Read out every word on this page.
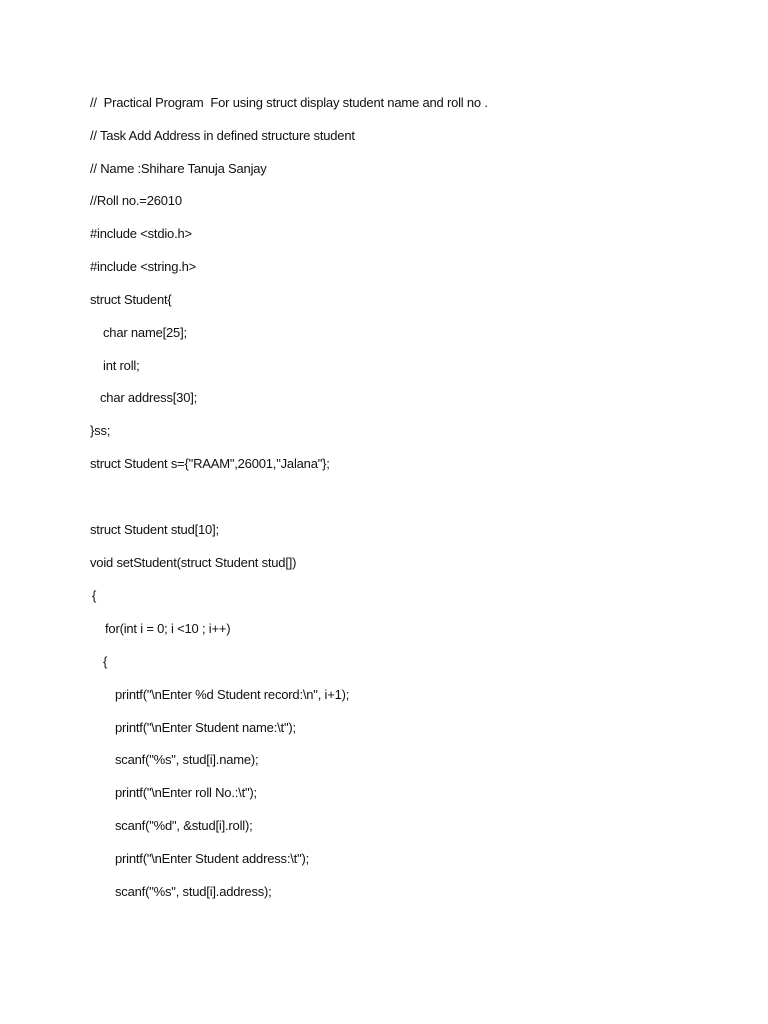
//  Practical Program  For using struct display student name and roll no .
// Task Add Address in defined structure student
// Name :Shihare Tanuja Sanjay
//Roll no.=26010
#include <stdio.h>
#include <string.h>
struct Student{
char name[25];
int roll;
char address[30];
}ss;
struct Student s={"RAAM",26001,"Jalana"};
struct Student stud[10];
void setStudent(struct Student stud[])
{
for(int i = 0; i <10 ; i++)
{
printf("\nEnter %d Student record:\n", i+1);
printf("\nEnter Student name:\t");
scanf("%s", stud[i].name);
printf("\nEnter roll No.:\t");
scanf("%d", &stud[i].roll);
printf("\nEnter Student address:\t");
scanf("%s", stud[i].address);
